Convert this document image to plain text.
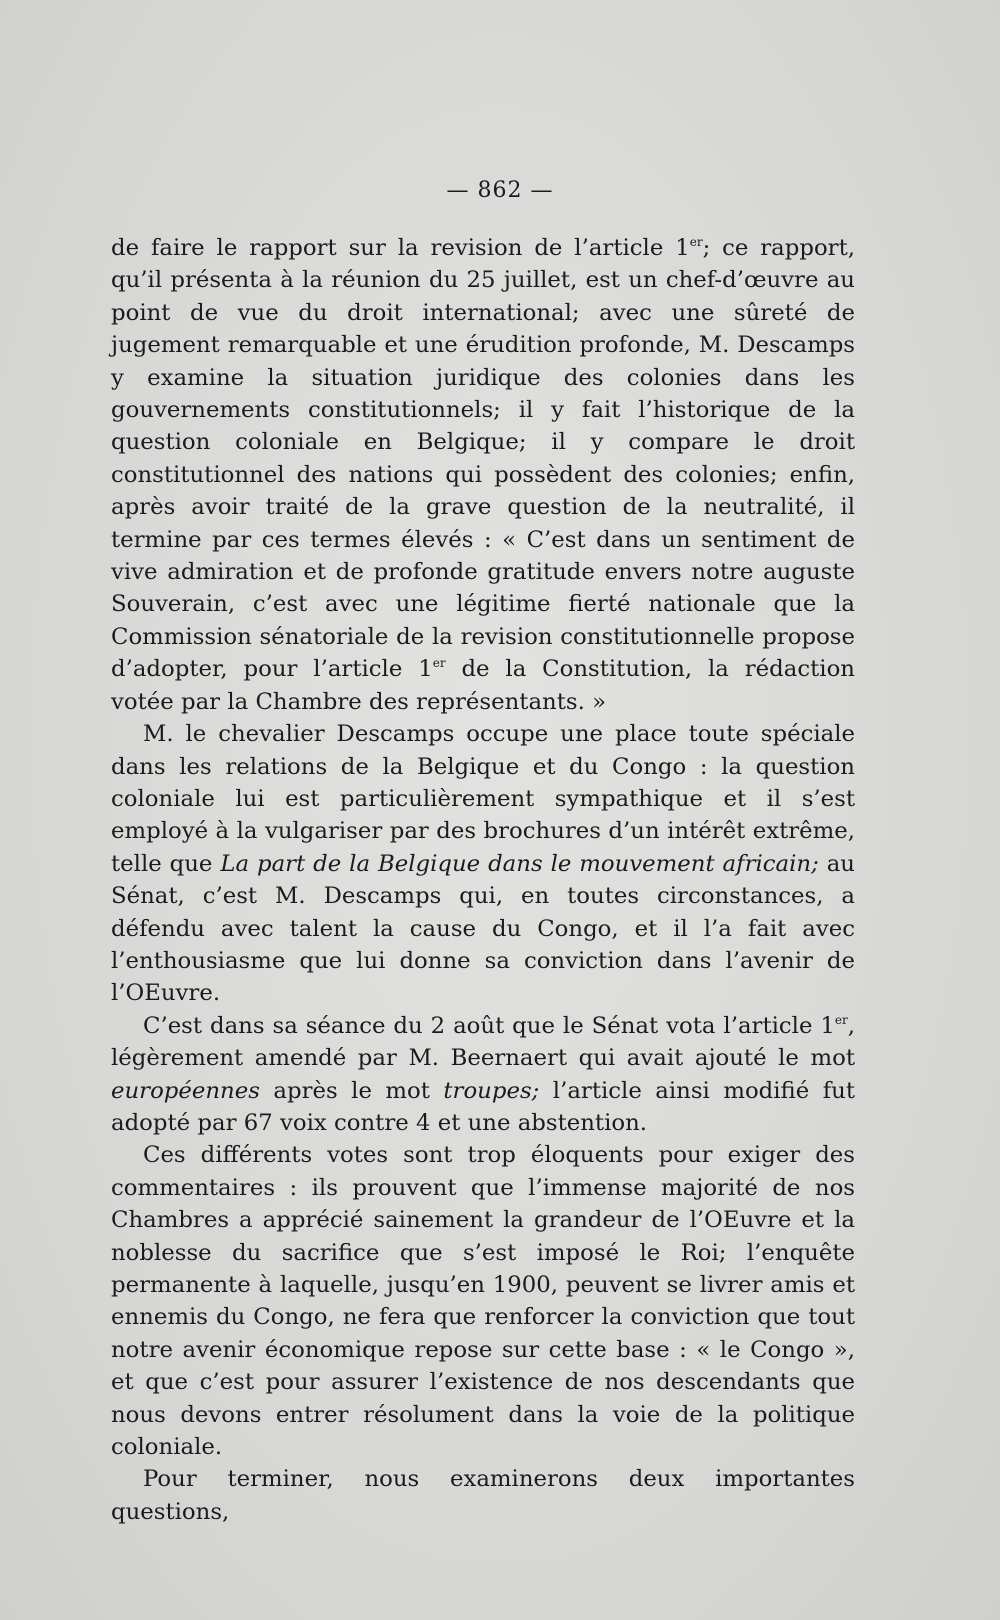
— 862 —

de faire le rapport sur la revision de l’article 1er; ce rapport, qu’il présenta à la réunion du 25 juillet, est un chef-d’œuvre au point de vue du droit international; avec une sûreté de jugement remarquable et une érudition profonde, M. Descamps y examine la situation juridique des colonies dans les gouvernements constitutionnels; il y fait l’historique de la question coloniale en Belgique; il y compare le droit constitutionnel des nations qui possèdent des colonies; enfin, après avoir traité de la grave question de la neutralité, il termine par ces termes élevés : « C’est dans un sentiment de vive admiration et de profonde gratitude envers notre auguste Souverain, c’est avec une légitime fierté nationale que la Commission sénatoriale de la revision constitutionnelle propose d’adopter, pour l’article 1er de la Constitution, la rédaction votée par la Chambre des représentants. »

M. le chevalier Descamps occupe une place toute spéciale dans les relations de la Belgique et du Congo : la question coloniale lui est particulièrement sympathique et il s’est employé à la vulgariser par des brochures d’un intérêt extrême, telle que La part de la Belgique dans le mouvement africain; au Sénat, c’est M. Descamps qui, en toutes circonstances, a défendu avec talent la cause du Congo, et il l’a fait avec l’enthousiasme que lui donne sa conviction dans l’avenir de l’OEuvre.

C’est dans sa séance du 2 août que le Sénat vota l’article 1er, légèrement amendé par M. Beernaert qui avait ajouté le mot européennes après le mot troupes; l’article ainsi modifié fut adopté par 67 voix contre 4 et une abstention.

Ces différents votes sont trop éloquents pour exiger des commentaires : ils prouvent que l’immense majorité de nos Chambres a apprécié sainement la grandeur de l’OEuvre et la noblesse du sacrifice que s’est imposé le Roi; l’enquête permanente à laquelle, jusqu’en 1900, peuvent se livrer amis et ennemis du Congo, ne fera que renforcer la conviction que tout notre avenir économique repose sur cette base : « le Congo », et que c’est pour assurer l’existence de nos descendants que nous devons entrer résolument dans la voie de la politique coloniale.

Pour terminer, nous examinerons deux importantes questions,
